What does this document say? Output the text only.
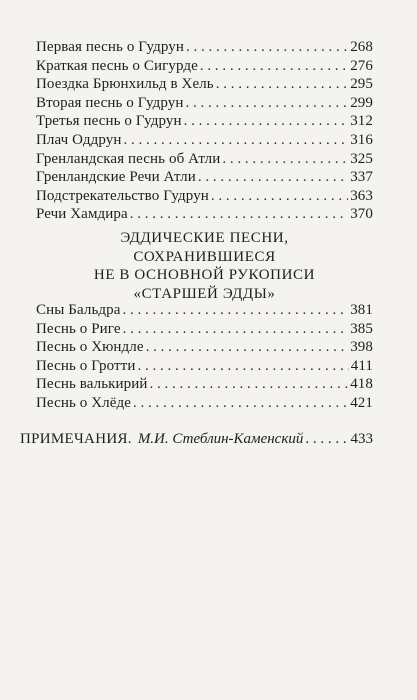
Первая песнь о Гудрун . . .	268
Краткая песнь о Сигурде . . .	276
Поездка Брюнхильд в Хель . . .	295
Вторая песнь о Гудрун . . .	299
Третья песнь о Гудрун . . .	312
Плач Оддрун . . .	316
Гренландская песнь об Атли . . .	325
Гренландские Речи Атли . . .	337
Подстрекательство Гудрун . . .	363
Речи Хамдира . . .	370
ЭДДИЧЕСКИЕ ПЕСНИ,
СОХРАНИВШИЕСЯ
НЕ В ОСНОВНОЙ РУКОПИСИ
«СТАРШЕЙ ЭДДЫ»
Сны Бальдра . . .	381
Песнь о Риге . . .	385
Песнь о Хюндле . . .	398
Песнь о Гротти . . .	411
Песнь валькирий . . .	418
Песнь о Хлёде . . .	421
ПРИМЕЧАНИЯ. М.И. Стеблин-Каменский . . .	433
